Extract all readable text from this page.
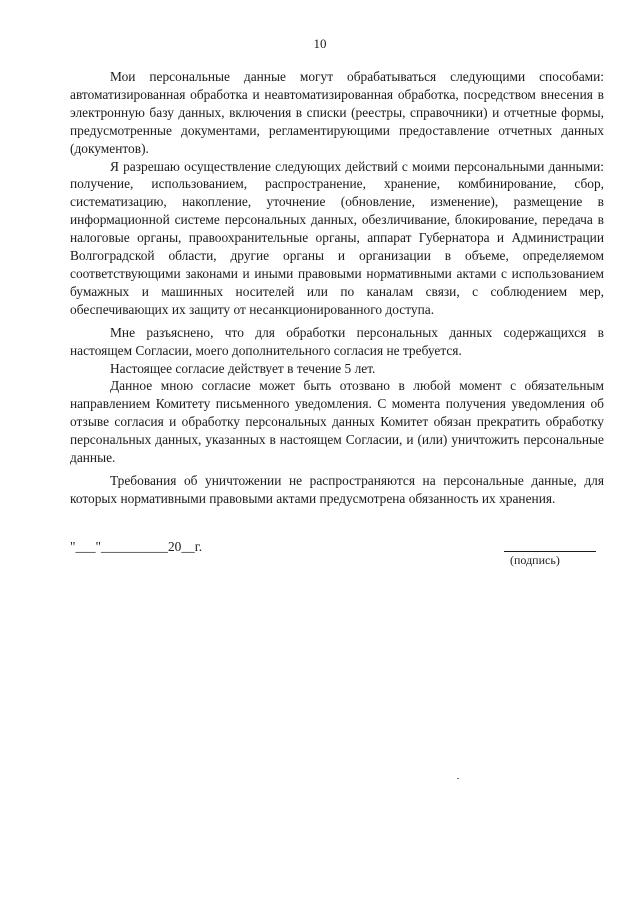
10

Мои персональные данные могут обрабатываться следующими способами: автоматизированная обработка и неавтоматизированная обработка, посредством внесения в электронную базу данных, включения в списки (реестры, справочники) и отчетные формы, предусмотренные документами, регламентирующими предоставление отчетных данных (документов).

Я разрешаю осуществление следующих действий с моими персональными данными: получение, использованием, распространение, хранение, комбинирование, сбор, систематизацию, накопление, уточнение (обновление, изменение), размещение в информационной системе персональных данных, обезличивание, блокирование, передача в налоговые органы, правоохранительные органы, аппарат Губернатора и Администрации Волгоградской области, другие органы и организации в объеме, определяемом соответствующими законами и иными правовыми нормативными актами с использованием бумажных и машинных носителей или по каналам связи, с соблюдением мер, обеспечивающих их защиту от несанкционированного доступа.

Мне разъяснено, что для обработки персональных данных содержащихся в настоящем Согласии, моего дополнительного согласия не требуется.

Настоящее согласие действует в течение 5 лет.

Данное мною согласие может быть отозвано в любой момент с обязательным направлением Комитету письменного уведомления. С момента получения уведомления об отзыве согласия и обработку персональных данных Комитет обязан прекратить обработку персональных данных, указанных в настоящем Согласии, и (или) уничтожить персональные данные.

Требования об уничтожении не распространяются на персональные данные, для которых нормативными правовыми актами предусмотрена обязанность их хранения.

"___"__________20__г.
(подпись)
